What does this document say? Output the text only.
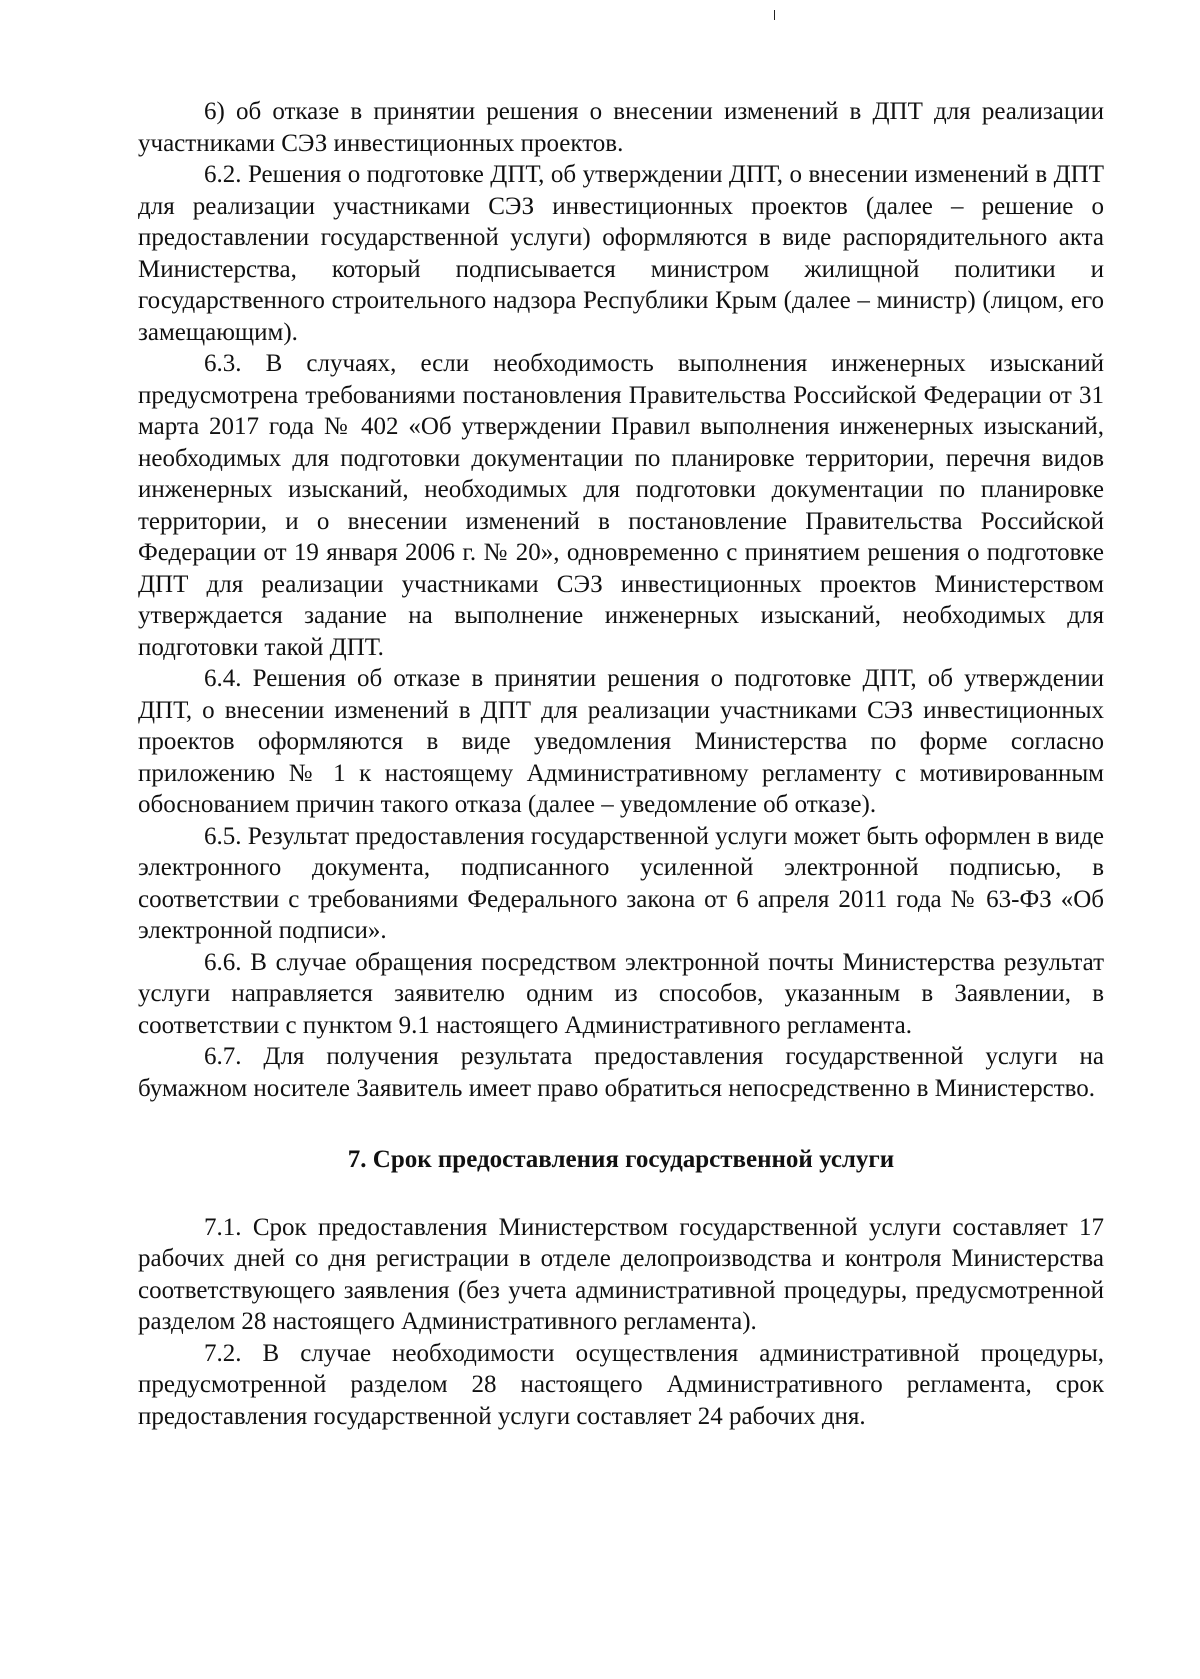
6) об отказе в принятии решения о внесении изменений в ДПТ для реализации участниками СЭЗ инвестиционных проектов.

6.2. Решения о подготовке ДПТ, об утверждении ДПТ, о внесении изменений в ДПТ для реализации участниками СЭЗ инвестиционных проектов (далее – решение о предоставлении государственной услуги) оформляются в виде распорядительного акта Министерства, который подписывается министром жилищной политики и государственного строительного надзора Республики Крым (далее – министр) (лицом, его замещающим).

6.3. В случаях, если необходимость выполнения инженерных изысканий предусмотрена требованиями постановления Правительства Российской Федерации от 31 марта 2017 года № 402 «Об утверждении Правил выполнения инженерных изысканий, необходимых для подготовки документации по планировке территории, перечня видов инженерных изысканий, необходимых для подготовки документации по планировке территории, и о внесении изменений в постановление Правительства Российской Федерации от 19 января 2006 г. № 20», одновременно с принятием решения о подготовке ДПТ для реализации участниками СЭЗ инвестиционных проектов Министерством утверждается задание на выполнение инженерных изысканий, необходимых для подготовки такой ДПТ.

6.4. Решения об отказе в принятии решения о подготовке ДПТ, об утверждении ДПТ, о внесении изменений в ДПТ для реализации участниками СЭЗ инвестиционных проектов оформляются в виде уведомления Министерства по форме согласно приложению № 1 к настоящему Административному регламенту с мотивированным обоснованием причин такого отказа (далее – уведомление об отказе).

6.5. Результат предоставления государственной услуги может быть оформлен в виде электронного документа, подписанного усиленной электронной подписью, в соответствии с требованиями Федерального закона от 6 апреля 2011 года № 63-ФЗ «Об электронной подписи».

6.6. В случае обращения посредством электронной почты Министерства результат услуги направляется заявителю одним из способов, указанным в Заявлении, в соответствии с пунктом 9.1 настоящего Административного регламента.

6.7. Для получения результата предоставления государственной услуги на бумажном носителе Заявитель имеет право обратиться непосредственно в Министерство.

7. Срок предоставления государственной услуги

7.1. Срок предоставления Министерством государственной услуги составляет 17 рабочих дней со дня регистрации в отделе делопроизводства и контроля Министерства соответствующего заявления (без учета административной процедуры, предусмотренной разделом 28 настоящего Административного регламента).

7.2. В случае необходимости осуществления административной процедуры, предусмотренной разделом 28 настоящего Административного регламента, срок предоставления государственной услуги составляет 24 рабочих дня.
